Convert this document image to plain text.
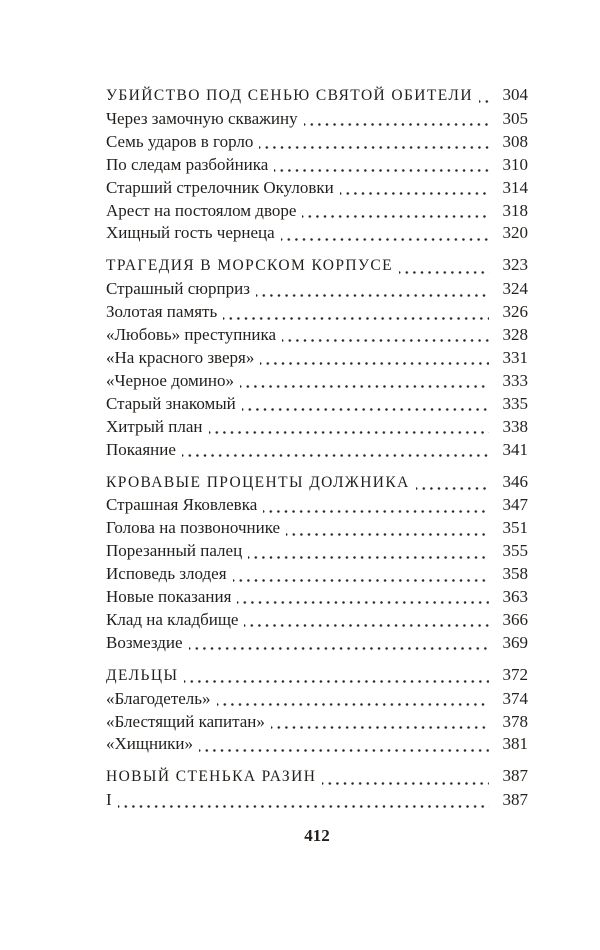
УБИЙСТВО ПОД СЕНЬЮ СВЯТОЙ ОБИТЕЛИ 304
Через замочную скважину	305
Семь ударов в горло	308
По следам разбойника	310
Старший стрелочник Окуловки	314
Арест на постоялом дворе	318
Хищный гость чернеца	320
ТРАГЕДИЯ В МОРСКОМ КОРПУСЕ	323
Страшный сюрприз	324
Золотая память	326
«Любовь» преступника	328
«На красного зверя»	331
«Черное домино»	333
Старый знакомый	335
Хитрый план	338
Покаяние	341
КРОВАВЫЕ ПРОЦЕНТЫ ДОЛЖНИКА	346
Страшная Яковлевка	347
Голова на позвоночнике	351
Порезанный палец	355
Исповедь злодея	358
Новые показания	363
Клад на кладбище	366
Возмездие	369
ДЕЛЬЦЫ	372
«Благодетель»	374
«Блестящий капитан»	378
«Хищники»	381
НОВЫЙ СТЕНЬКА РАЗИН	387
I	387
412
